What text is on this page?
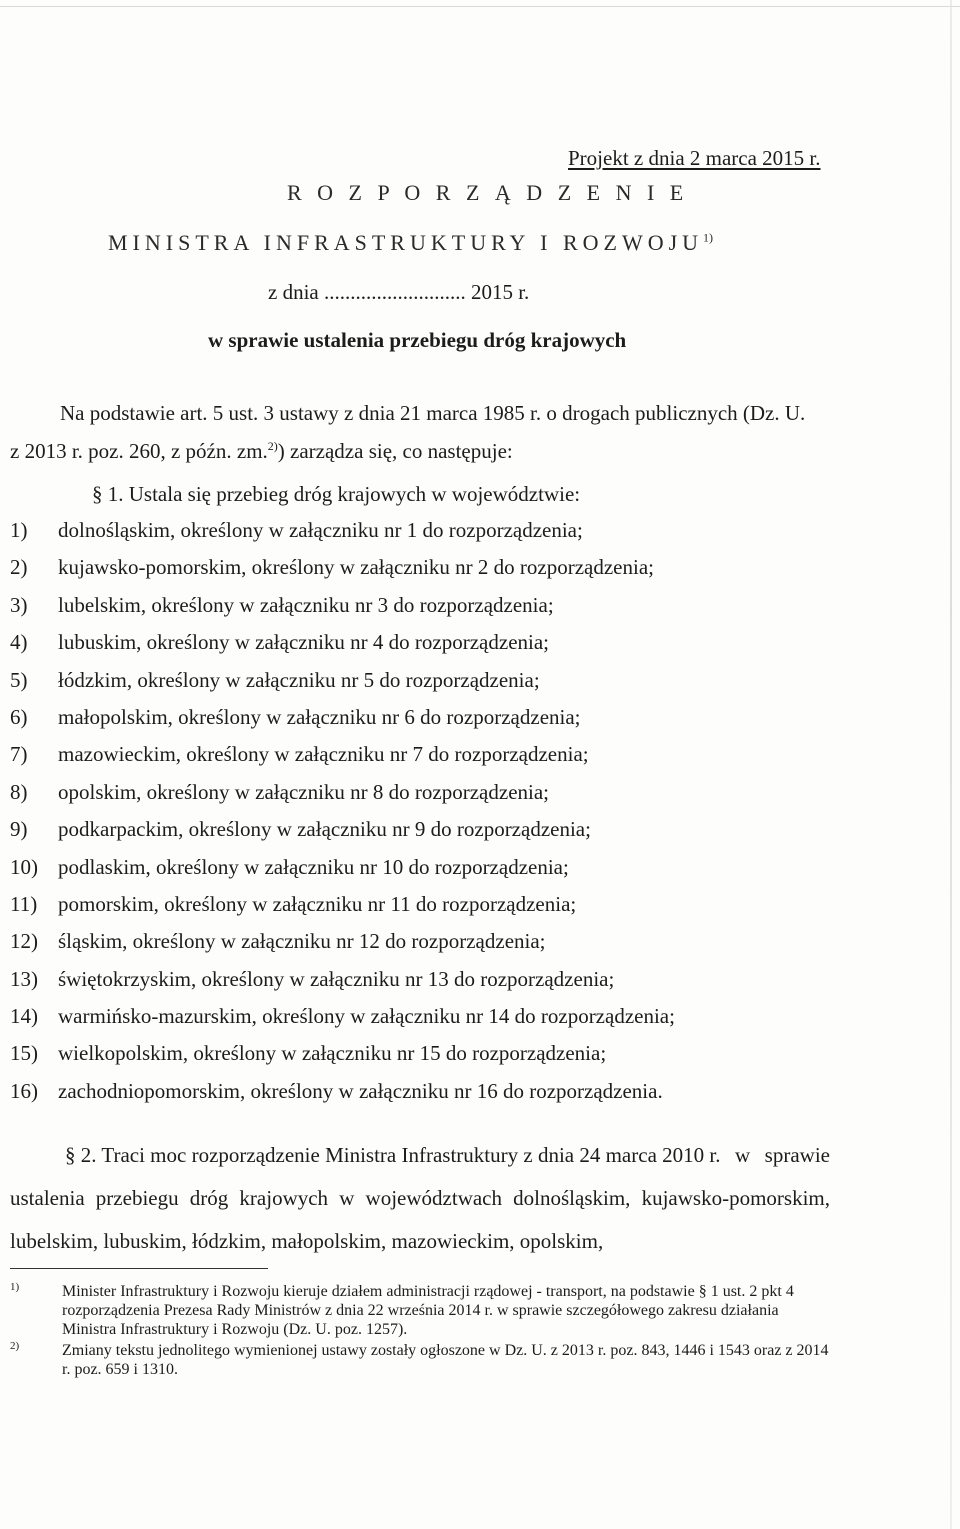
Projekt z dnia 2 marca 2015 r.
R O Z P O R Z Ą D Z E N I E
MINISTRA INFRASTRUKTURY I ROZWOJU$^{1)}$
z dnia ........................... 2015 r.
w sprawie ustalenia przebiegu dróg krajowych
Na podstawie art. 5 ust. 3 ustawy z dnia 21 marca 1985 r. o drogach publicznych (Dz. U.
z 2013 r. poz. 260, z późn. zm.$^{2)}$) zarządza się, co następuje:
§ 1. Ustala się przebieg dróg krajowych w województwie:
1)	dolnośląskim, określony w załączniku nr 1 do rozporządzenia;
2)	kujawsko-pomorskim, określony w załączniku nr 2 do rozporządzenia;
3)	lubelskim, określony w załączniku nr 3 do rozporządzenia;
4)	lubuskim, określony w załączniku nr 4 do rozporządzenia;
5)	łódzkim, określony w załączniku nr 5 do rozporządzenia;
6)	małopolskim, określony w załączniku nr 6 do rozporządzenia;
7)	mazowieckim, określony w załączniku nr 7 do rozporządzenia;
8)	opolskim, określony w załączniku nr 8 do rozporządzenia;
9)	podkarpackim, określony w załączniku nr 9 do rozporządzenia;
10) podlaskim, określony w załączniku nr 10 do rozporządzenia;
11) pomorskim, określony w załączniku nr 11 do rozporządzenia;
12) śląskim, określony w załączniku nr 12 do rozporządzenia;
13) świętokrzyskim, określony w załączniku nr 13 do rozporządzenia;
14) warmińsko-mazurskim, określony w załączniku nr 14 do rozporządzenia;
15) wielkopolskim, określony w załączniku nr 15 do rozporządzenia;
16) zachodniopomorskim, określony w załączniku nr 16 do rozporządzenia.
§ 2. Traci moc rozporządzenie Ministra Infrastruktury z dnia 24 marca 2010 r. w sprawie ustalenia przebiegu dróg krajowych w województwach dolnośląskim, kujawsko-pomorskim, lubelskim, lubuskim, łódzkim, małopolskim, mazowieckim, opolskim,
1)	Minister Infrastruktury i Rozwoju kieruje działem administracji rządowej - transport, na podstawie § 1 ust. 2 pkt 4 rozporządzenia Prezesa Rady Ministrów z dnia 22 września 2014 r. w sprawie szczegółowego zakresu działania Ministra Infrastruktury i Rozwoju (Dz. U. poz. 1257).
2)	Zmiany tekstu jednolitego wymienionej ustawy zostały ogłoszone w Dz. U. z 2013 r. poz. 843, 1446 i 1543 oraz z 2014 r. poz. 659 i 1310.
